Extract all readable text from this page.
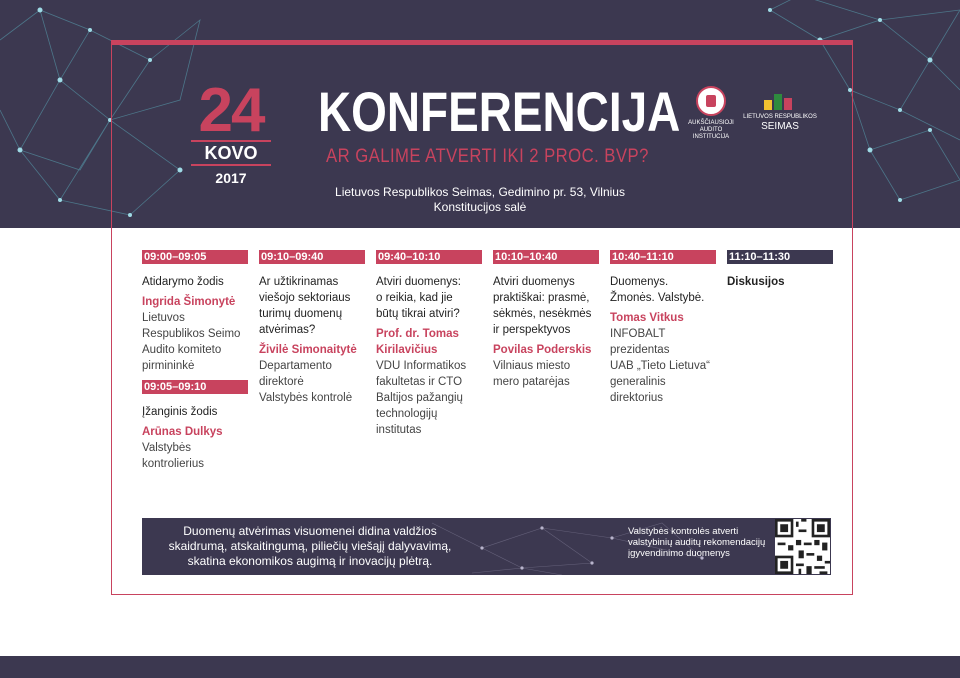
24
KOVO
2017
KONFERENCIJA
AR GALIME ATVERTI IKI 2 PROC. BVP?
Lietuvos Respublikos Seimas, Gedimino pr. 53, Vilnius
Konstitucijos salė
AUKŠČIAUSIOJI
AUDITO INSTITUCIJA
LIETUVOS RESPUBLIKOS
SEIMAS
09:00–09:05
Atidarymo žodis
Ingrida Šimonytė
Lietuvos
Respublikos Seimo
Audito komiteto
pirmininkė
09:05–09:10
Įžanginis žodis
Arūnas Dulkys
Valstybės
kontrolierius
09:10–09:40
Ar užtikrinamas
viešojo sektoriaus
turimų duomenų
atvėrimas?
Živilė Simonaitytė
Departamento
direktorė
Valstybės kontrolė
09:40–10:10
Atviri duomenys:
o reikia, kad jie
būtų tikrai atviri?
Prof. dr. Tomas
Kirilavičius
VDU Informatikos
fakultetas ir CTO
Baltijos pažangių
technologijų
institutas
10:10–10:40
Atviri duomenys
praktiškai: prasmė,
sėkmės, nesėkmės
ir perspektyvos
Povilas Poderskis
Vilniaus miesto
mero patarėjas
10:40–11:10
Duomenys.
Žmonės. Valstybė.
Tomas Vitkus
INFOBALT
prezidentas
UAB „Tieto Lietuva“
generalinis
direktorius
11:10–11:30
Diskusijos
Duomenų atvėrimas visuomenei didina valdžios
skaidrumą, atskaitingumą, piliečių viešąjį dalyvavimą,
skatina ekonomikos augimą ir inovacijų plėtrą.
Valstybės kontrolės atverti
valstybinių auditų rekomendacijų
įgyvendinimo duomenys
